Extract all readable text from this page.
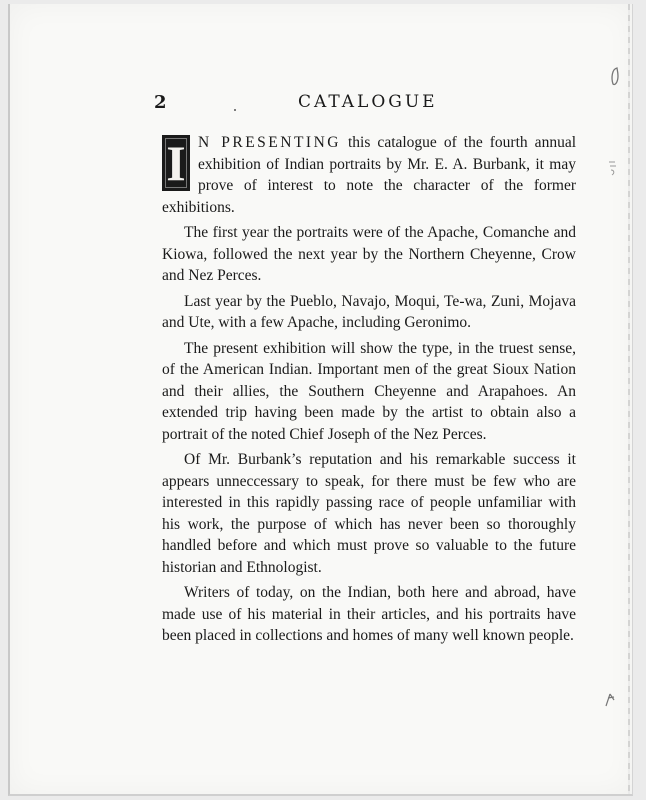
2	CATALOGUE

I N PRESENTING this catalogue of the fourth annual exhibition of Indian portraits by Mr. E. A. Burbank, it may prove of interest to note the character of the former exhibitions.

The first year the portraits were of the Apache, Comanche and Kiowa, followed the next year by the Northern Cheyenne, Crow and Nez Perces.

Last year by the Pueblo, Navajo, Moqui, Te-wa, Zuni, Mojava and Ute, with a few Apache, including Geronimo.

The present exhibition will show the type, in the truest sense, of the American Indian. Important men of the great Sioux Nation and their allies, the Southern Cheyenne and Arapahoes. An extended trip having been made by the artist to obtain also a portrait of the noted Chief Joseph of the Nez Perces.

Of Mr. Burbank’s reputation and his remarkable success it appears unneccessary to speak, for there must be few who are interested in this rapidly passing race of people unfamiliar with his work, the purpose of which has never been so thoroughly handled before and which must prove so valuable to the future historian and Ethnologist.

Writers of today, on the Indian, both here and abroad, have made use of his material in their articles, and his portraits have been placed in collections and homes of many well known people.
